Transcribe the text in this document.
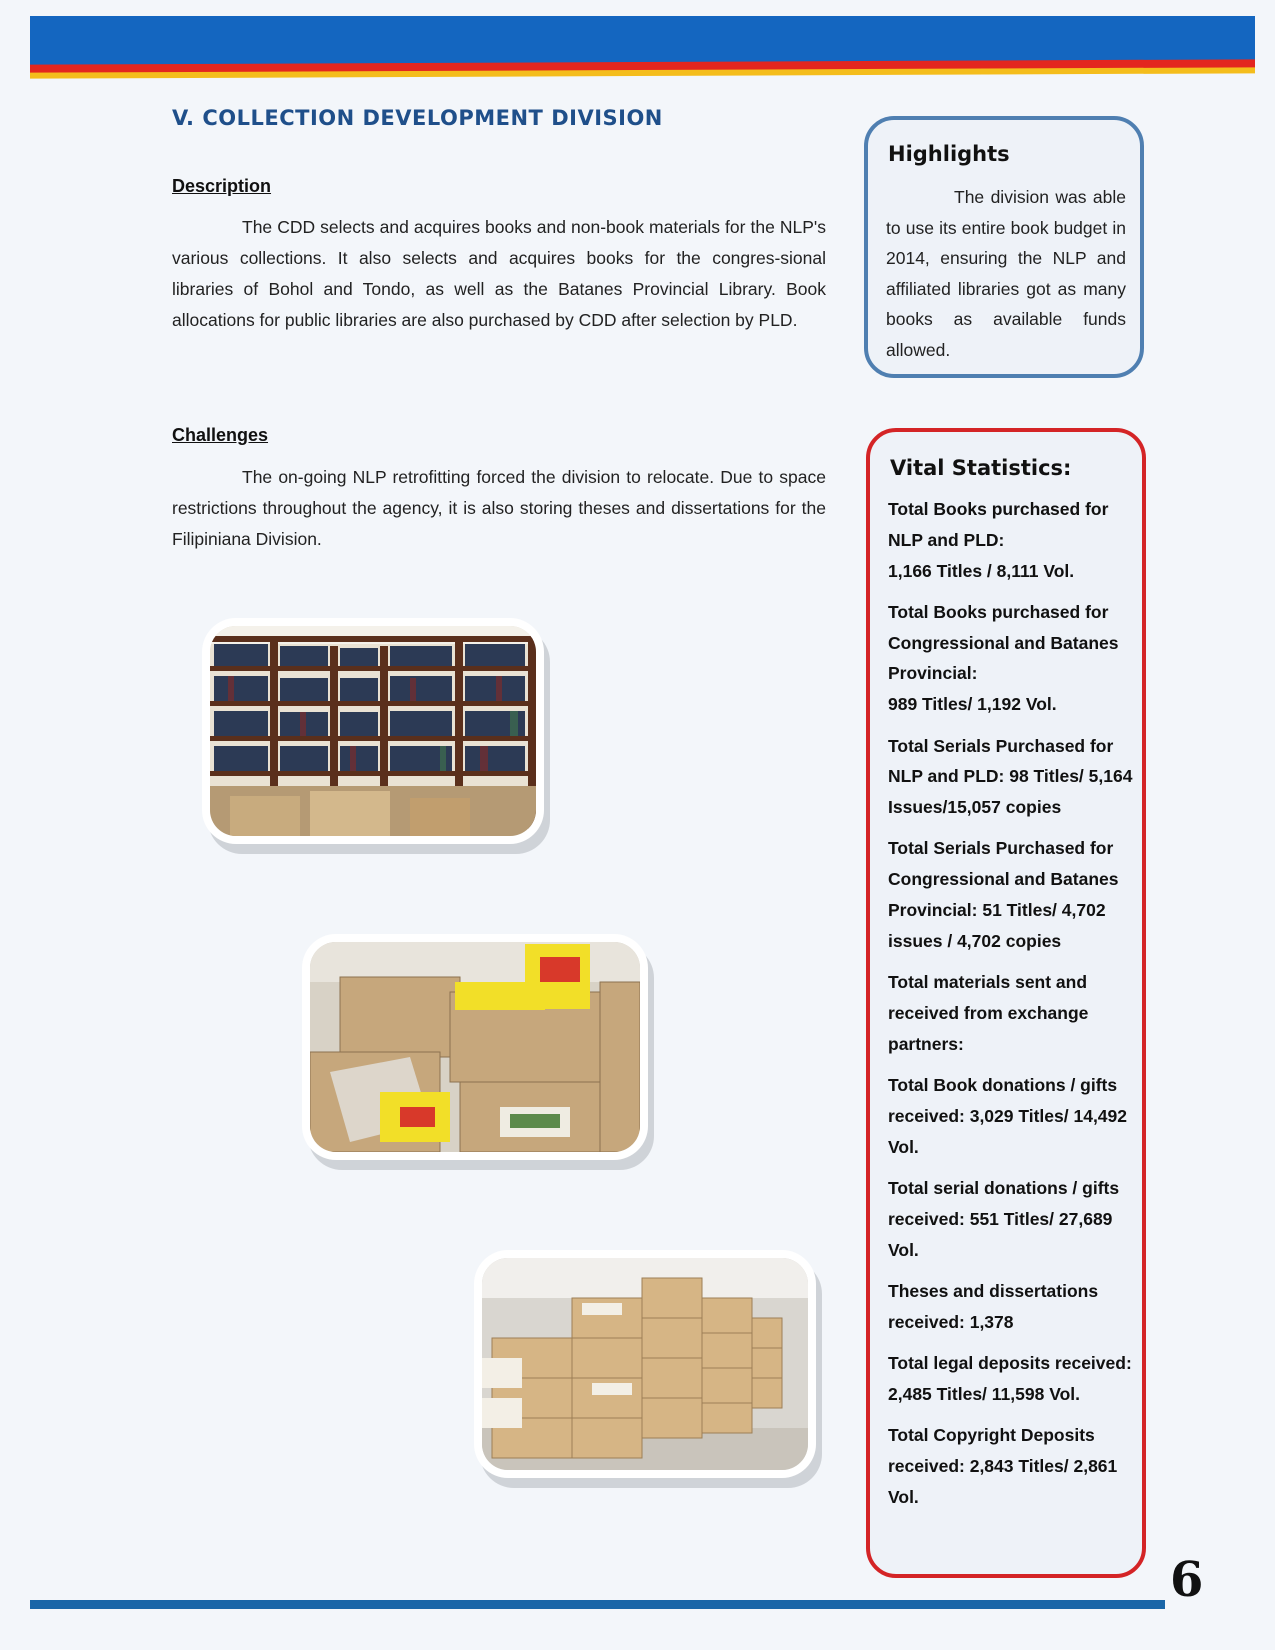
V. COLLECTION DEVELOPMENT DIVISION
Description

The CDD selects and acquires books and non-book materials for the NLP's various collections. It also selects and acquires books for the congres-sional libraries of Bohol and Tondo, as well as the Batanes Provincial Library. Book allocations for public libraries are also purchased by CDD after selection by PLD.

Challenges

The on-going NLP retrofitting forced the division to relocate. Due to space restrictions throughout the agency, it is also storing theses and dissertations for the Filipiniana Division.

Highlights

The division was able to use its entire book budget in 2014, ensuring the NLP and affiliated libraries got as many books as available funds allowed.

Vital Statistics:
Total Books purchased for NLP and PLD:
1,166 Titles / 8,111 Vol.
Total Books purchased for Congressional and Batanes Provincial:
989 Titles/ 1,192 Vol.
Total Serials Purchased for NLP and PLD: 98 Titles/ 5,164 Issues/15,057 copies
Total Serials Purchased for Congressional and Batanes Provincial: 51 Titles/ 4,702 issues / 4,702 copies
Total materials sent and received from exchange partners:
Total Book donations / gifts received: 3,029 Titles/ 14,492 Vol.
Total serial donations / gifts received: 551 Titles/ 27,689 Vol.
Theses and dissertations received: 1,378
Total legal deposits received: 2,485 Titles/ 11,598 Vol.
Total Copyright Deposits received: 2,843 Titles/ 2,861 Vol.
6
